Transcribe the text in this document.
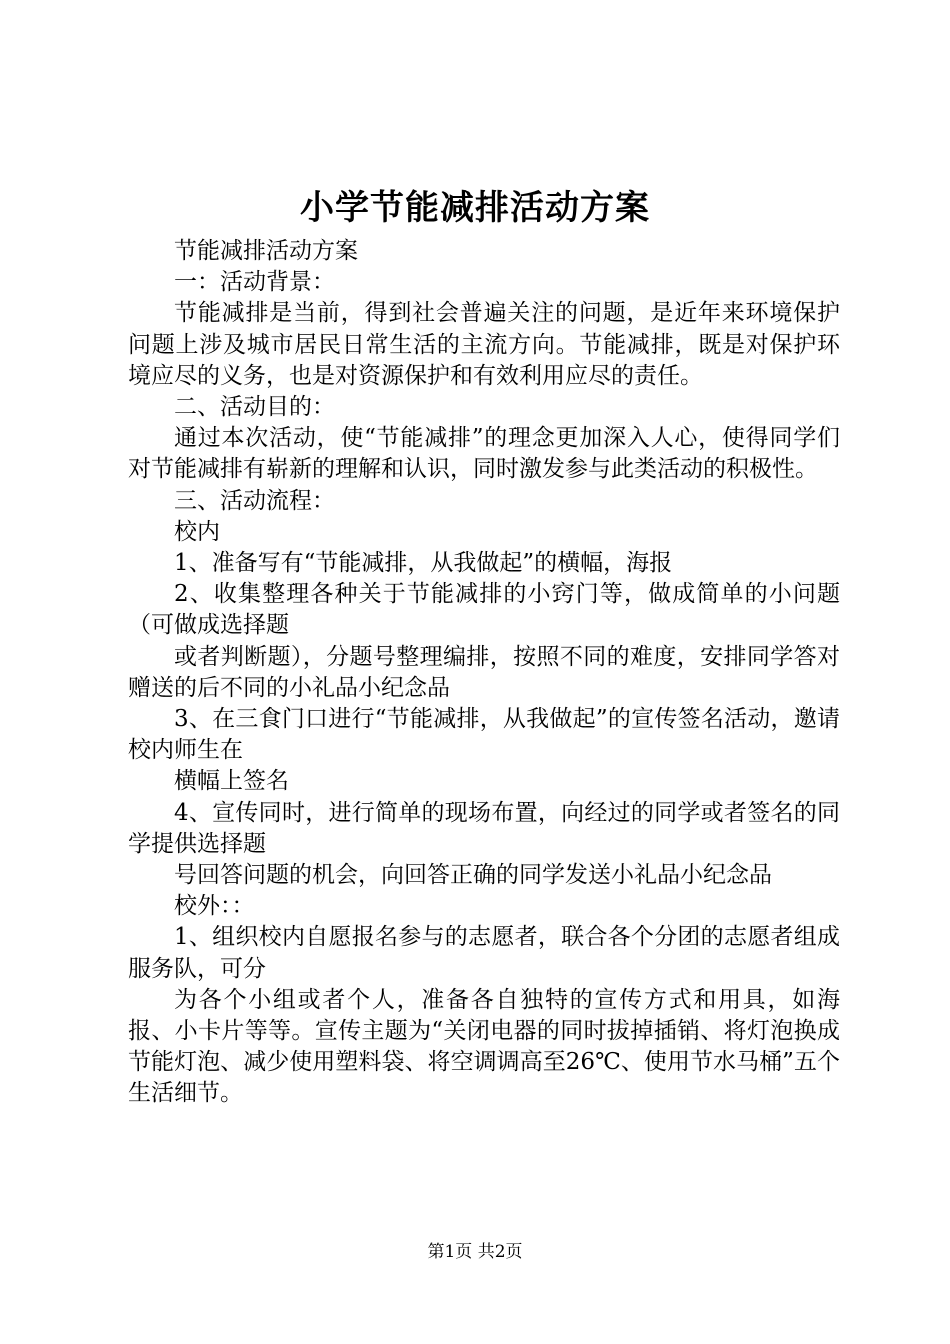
小学节能减排活动方案

节能减排活动方案

一：活动背景：

节能减排是当前，得到社会普遍关注的问题，是近年来环境保护问题上涉及城市居民日常生活的主流方向。节能减排，既是对保护环境应尽的义务，也是对资源保护和有效利用应尽的责任。

二、活动目的：

通过本次活动，使“节能减排”的理念更加深入人心，使得同学们对节能减排有崭新的理解和认识，同时激发参与此类活动的积极性。

三、活动流程：

校内

1、准备写有“节能减排，从我做起”的横幅，海报

2、收集整理各种关于节能减排的小窍门等，做成简单的小问题（可做成选择题

或者判断题），分题号整理编排，按照不同的难度，安排同学答对赠送的后不同的小礼品小纪念品

3、在三食门口进行“节能减排，从我做起”的宣传签名活动，邀请校内师生在

横幅上签名

4、宣传同时，进行简单的现场布置，向经过的同学或者签名的同学提供选择题

号回答问题的机会，向回答正确的同学发送小礼品小纪念品

校外：：

1、组织校内自愿报名参与的志愿者，联合各个分团的志愿者组成服务队，可分

为各个小组或者个人，准备各自独特的宣传方式和用具，如海报、小卡片等等。宣传主题为“关闭电器的同时拔掉插销、将灯泡换成节能灯泡、减少使用塑料袋、将空调调高至26℃、使用节水马桶”五个生活细节。

第1页 共2页
